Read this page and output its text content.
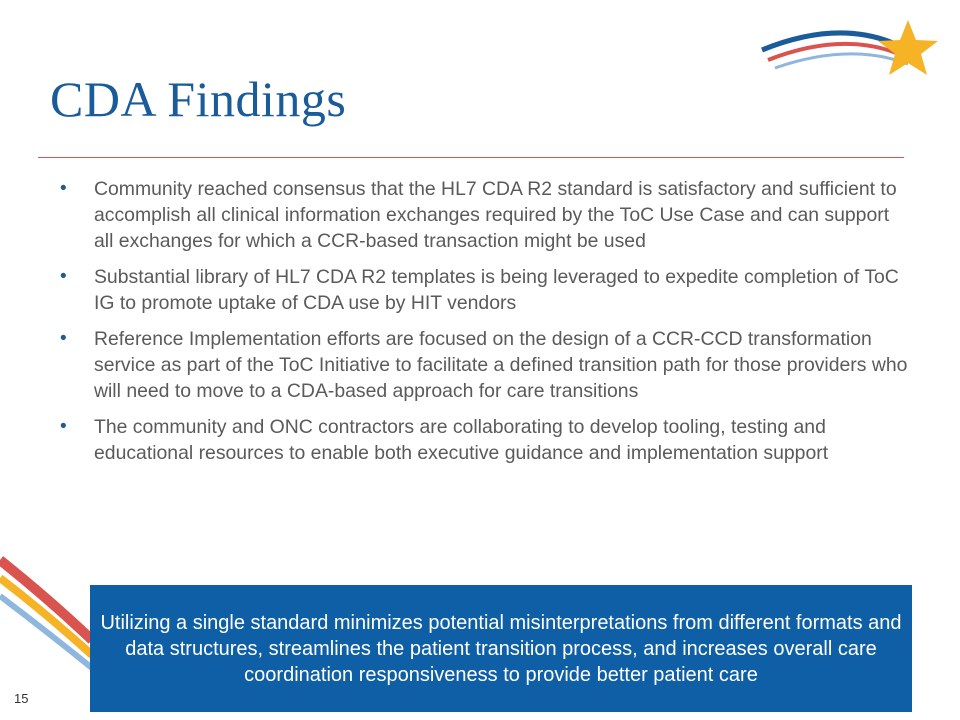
CDA Findings
• Community reached consensus that the HL7 CDA R2 standard is satisfactory and sufficient to accomplish all clinical information exchanges required by the ToC Use Case and can support all exchanges for which a CCR-based transaction might be used
• Substantial library of HL7 CDA R2 templates is being leveraged to expedite completion of ToC IG to promote uptake of CDA use by HIT vendors
• Reference Implementation efforts are focused on the design of a CCR-CCD transformation service as part of the ToC Initiative to facilitate a defined transition path for those providers who will need to move to a CDA-based approach for care transitions
• The community and ONC contractors are collaborating to develop tooling, testing and educational resources to enable both executive guidance and implementation support
Utilizing a single standard minimizes potential misinterpretations from different formats and data structures, streamlines the patient transition process, and increases overall care coordination responsiveness to provide better patient care
15
